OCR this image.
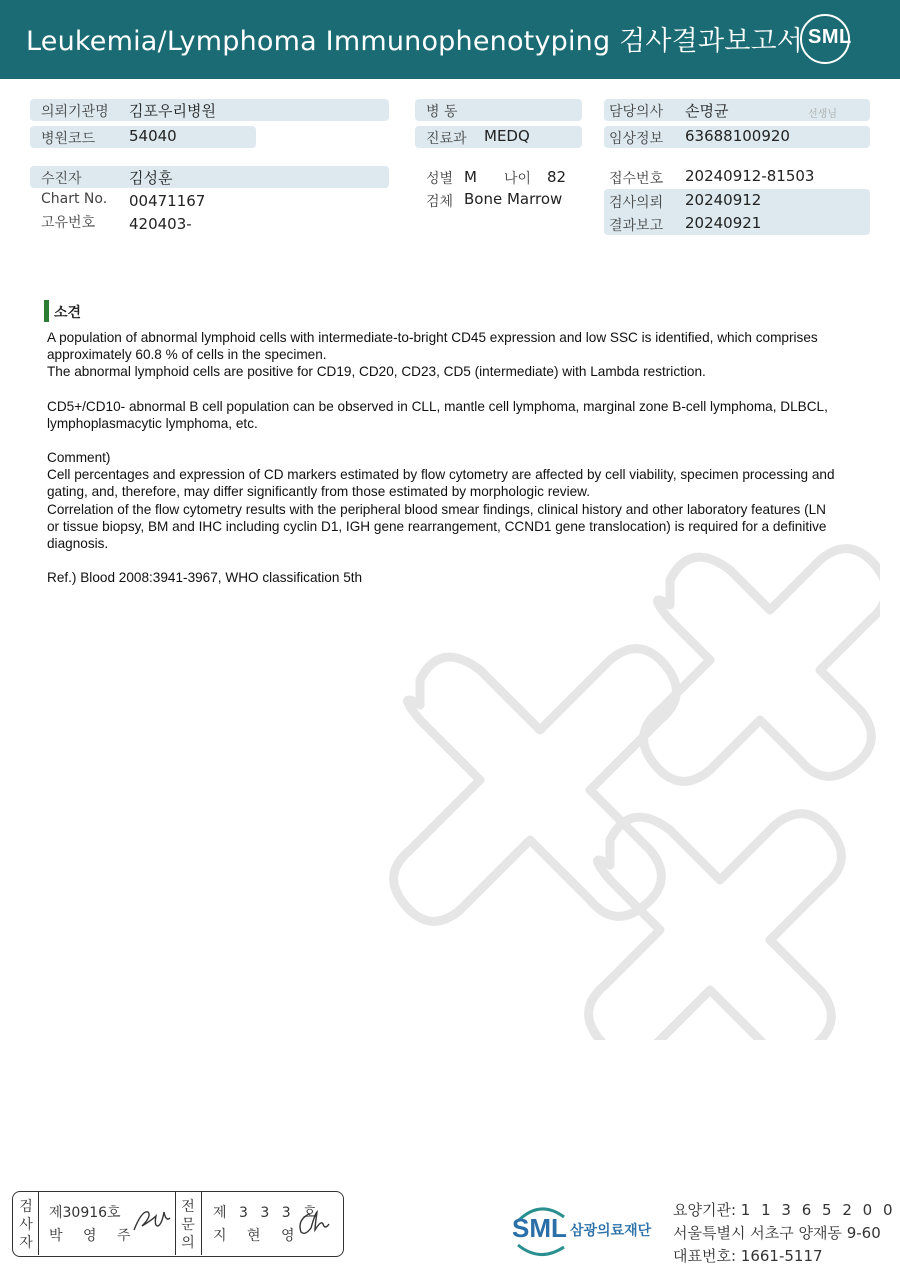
Leukemia/Lymphoma Immunophenotyping 검사결과보고서 SML
의뢰기관명 김포우리병원
병원코드 54040
병 동
진료과 MEDQ
담당의사 손명균	선생님
임상정보 63688100920
수진자	김성훈
Chart No. 00471167
고유번호 420403-
성별 M 나이 82
검체 Bone Marrow
접수번호 20240912-81503
검사의뢰 20240912
결과보고 20240921
소견

A population of abnormal lymphoid cells with intermediate-to-bright CD45 expression and low SSC is identified, which comprises approximately 60.8 % of cells in the specimen.
The abnormal lymphoid cells are positive for CD19, CD20, CD23, CD5 (intermediate) with Lambda restriction.

CD5+/CD10- abnormal B cell population can be observed in CLL, mantle cell lymphoma, marginal zone B-cell lymphoma, DLBCL, lymphoplasmacytic lymphoma, etc.

Comment)
Cell percentages and expression of CD markers estimated by flow cytometry are affected by cell viability, specimen processing and gating, and, therefore, may differ significantly from those estimated by morphologic review.
Correlation of the flow cytometry results with the peripheral blood smear findings, clinical history and other laboratory features (LN or tissue biopsy, BM and IHC including cyclin D1, IGH gene rearrangement, CCND1 gene translocation) is required for a definitive diagnosis.

Ref.) Blood 2008:3941-3967, WHO classification 5th

검사자
제30916호
박 영 주
전문의
제 3 3 3 호
지 현 영	SML 삼광의료재단
요양기관: 1 1 3 6 5 2 0 0
서울특별시 서초구 양재동 9-60
대표번호: 1661-5117
